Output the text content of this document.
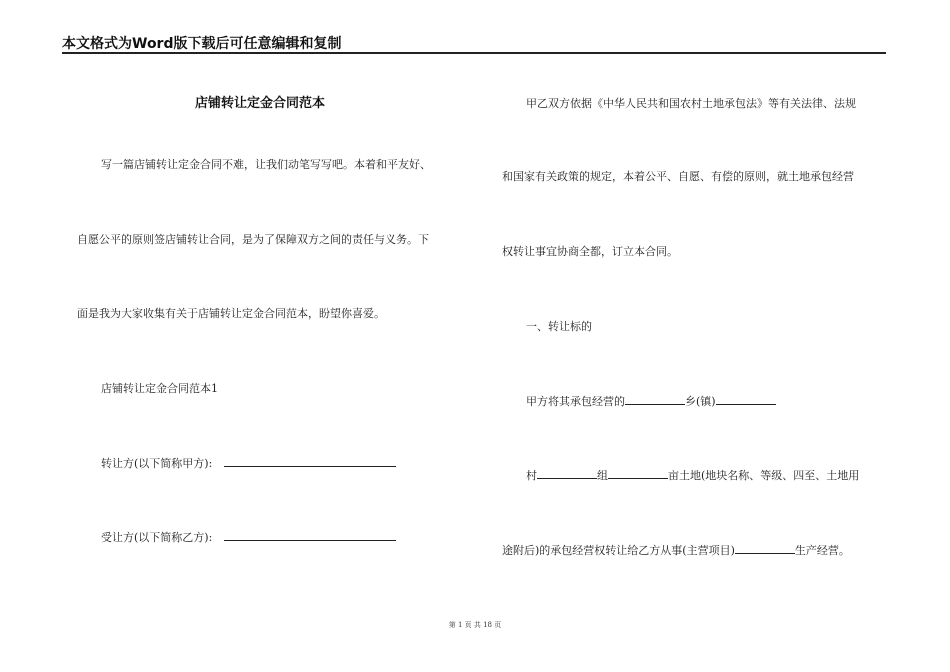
本文格式为Word版下载后可任意编辑和复制
店铺转让定金合同范本
写一篇店铺转让定金合同不难，让我们动笔写写吧。本着和平友好、
自愿公平的原则签店铺转让合同，是为了保障双方之间的责任与义务。下
面是我为大家收集有关于店铺转让定金合同范本，盼望你喜爱。
店铺转让定金合同范本1
转让方(以下简称甲方):
受让方(以下简称乙方):
甲乙双方依据《中华人民共和国农村土地承包法》等有关法律、法规
和国家有关政策的规定，本着公平、自愿、有偿的原则，就土地承包经营
权转让事宜协商全都，订立本合同。
一、转让标的
甲方将其承包经营的	乡(镇)
村	组	亩土地(地块名称、等级、四至、土地用
途附后)的承包经营权转让给乙方从事(主营项目)	生产经营。
第 1 页 共 18 页
